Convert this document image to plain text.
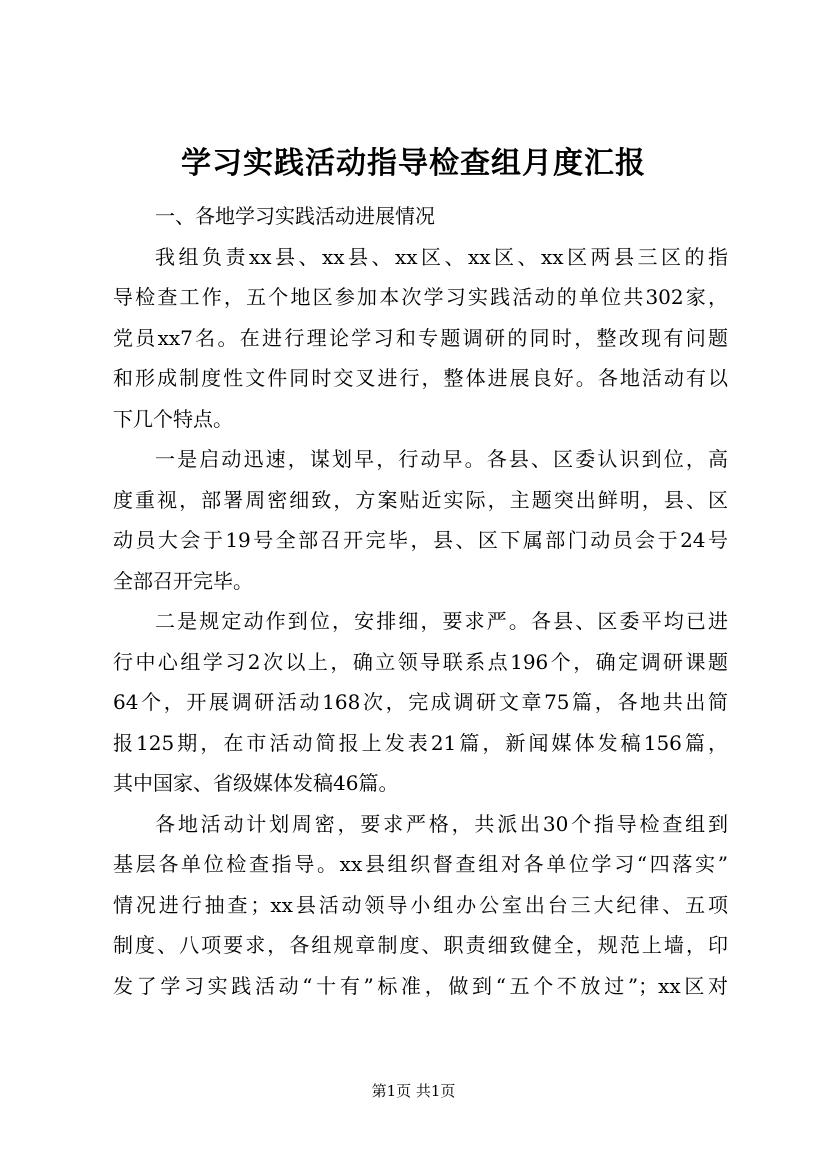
学习实践活动指导检查组月度汇报
一、各地学习实践活动进展情况
我组负责xx县、xx县、xx区、xx区、xx区两县三区的指
导检查工作，五个地区参加本次学习实践活动的单位共302家，
党员xx7名。在进行理论学习和专题调研的同时，整改现有问题
和形成制度性文件同时交叉进行，整体进展良好。各地活动有以
下几个特点。
一是启动迅速，谋划早，行动早。各县、区委认识到位，高
度重视，部署周密细致，方案贴近实际，主题突出鲜明，县、区
动员大会于19号全部召开完毕，县、区下属部门动员会于24号
全部召开完毕。
二是规定动作到位，安排细，要求严。各县、区委平均已进
行中心组学习2次以上，确立领导联系点196个，确定调研课题
64个，开展调研活动168次，完成调研文章75篇，各地共出简
报125期，在市活动简报上发表21篇，新闻媒体发稿156篇，
其中国家、省级媒体发稿46篇。
各地活动计划周密，要求严格，共派出30个指导检查组到
基层各单位检查指导。xx县组织督查组对各单位学习“四落实”
情况进行抽查；xx县活动领导小组办公室出台三大纪律、五项
制度、八项要求，各组规章制度、职责细致健全，规范上墙，印
发了学习实践活动“十有”标准，做到“五个不放过”；xx区对
第1页 共1页
